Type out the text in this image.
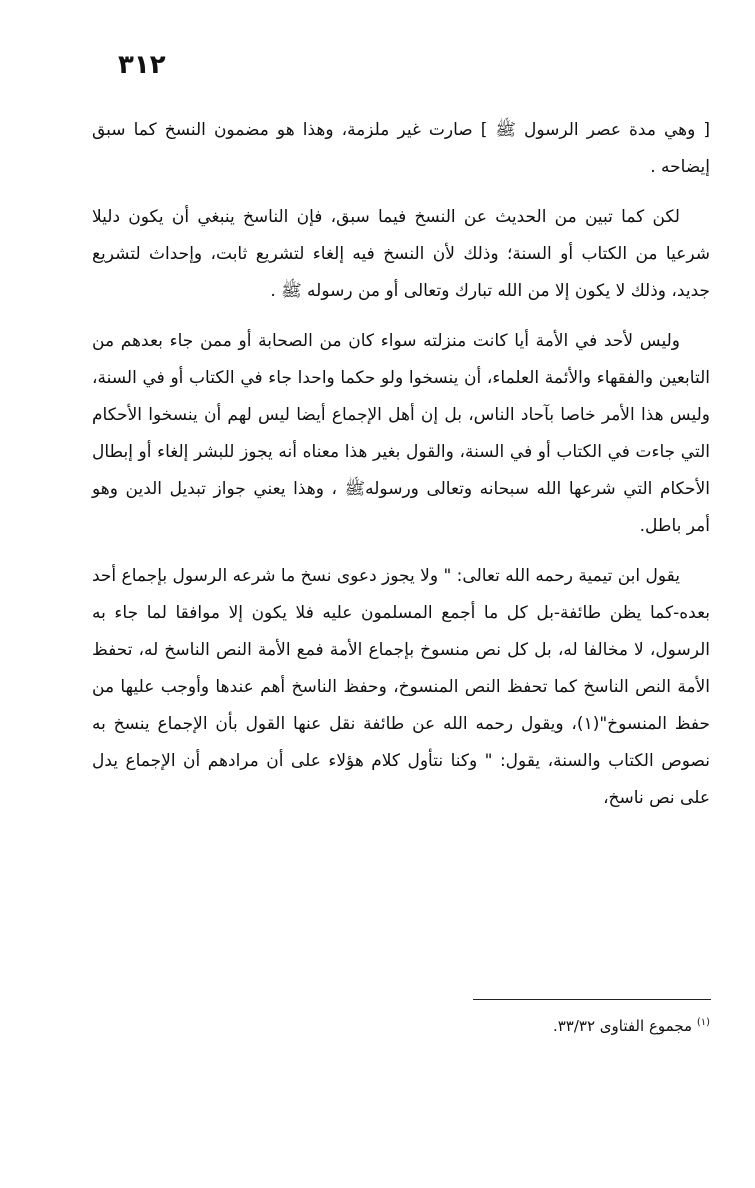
٣١٢

[ وهي مدة عصر الرسول ﷺ ] صارت غير ملزمة، وهذا هو مضمون النسخ كما سبق إيضاحه .

لكن كما تبين من الحديث عن النسخ فيما سبق، فإن الناسخ ينبغي أن يكون دليلا شرعيا من الكتاب أو السنة؛ وذلك لأن النسخ فيه إلغاء لتشريع ثابت، وإحداث لتشريع جديد، وذلك لا يكون إلا من الله تبارك وتعالى أو من رسوله ﷺ .

وليس لأحد في الأمة أيا كانت منزلته سواء كان من الصحابة أو ممن جاء بعدهم من التابعين والفقهاء والأئمة العلماء، أن ينسخوا ولو حكما واحدا جاء في الكتاب أو في السنة، وليس هذا الأمر خاصا بآحاد الناس، بل إن أهل الإجماع أيضا ليس لهم أن ينسخوا الأحكام التي جاءت في الكتاب أو في السنة، والقول بغير هذا معناه أنه يجوز للبشر إلغاء أو إبطال الأحكام التي شرعها الله سبحانه وتعالى ورسولهﷺ ، وهذا يعني جواز تبديل الدين وهو أمر باطل.

يقول ابن تيمية رحمه الله تعالى: " ولا يجوز دعوى نسخ ما شرعه الرسول بإجماع أحد بعده-كما يظن طائفة-بل كل ما أجمع المسلمون عليه فلا يكون إلا موافقا لما جاء به الرسول، لا مخالفا له، بل كل نص منسوخ بإجماع الأمة فمع الأمة النص الناسخ له، تحفظ الأمة النص الناسخ كما تحفظ النص المنسوخ، وحفظ الناسخ أهم عندها وأوجب عليها من حفظ المنسوخ"(١)، ويقول رحمه الله عن طائفة نقل عنها القول بأن الإجماع ينسخ به نصوص الكتاب والسنة، يقول: " وكنا نتأول كلام هؤلاء على أن مرادهم أن الإجماع يدل على نص ناسخ،

$^{(١)}$ مجموع الفتاوى ٣٣/٣٢.
